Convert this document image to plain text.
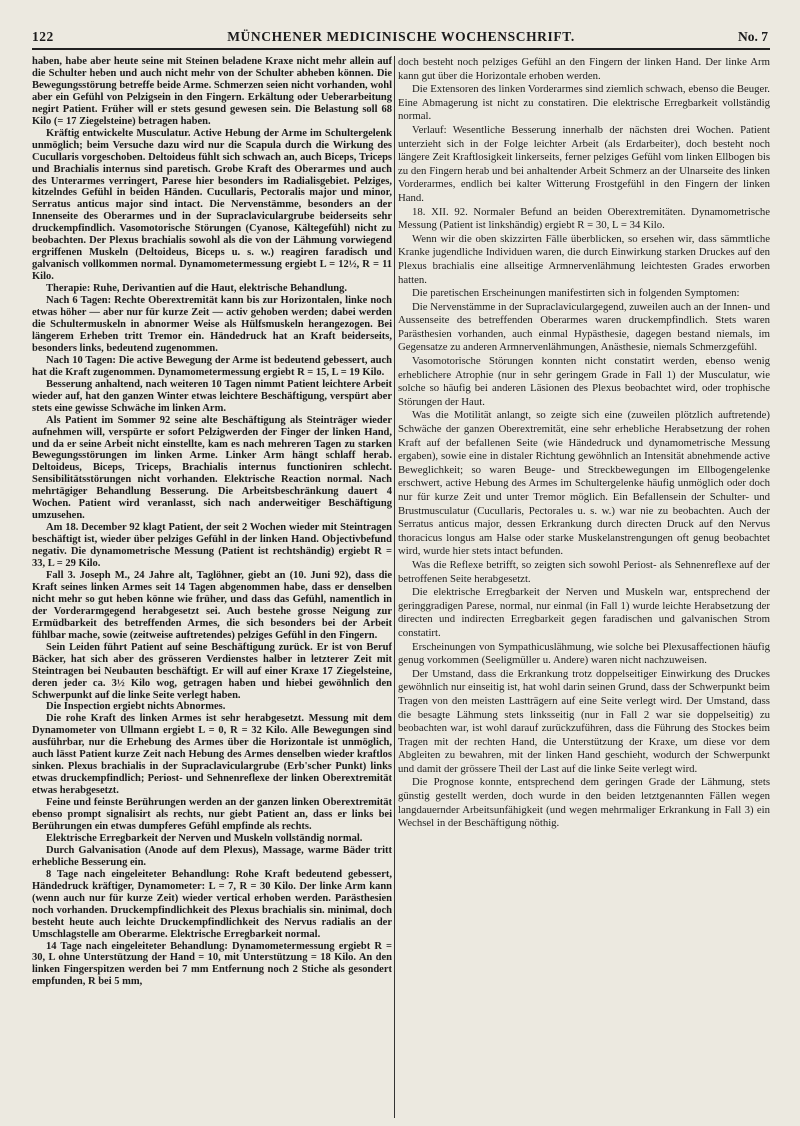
122	MÜNCHENER MEDICINISCHE WOCHENSCHRIFT.	No. 7

haben, habe aber heute seine mit Steinen beladene Kraxe nicht mehr allein auf die Schulter heben und auch nicht mehr von der Schulter abheben können. Die Bewegungsstörung betreffe beide Arme. Schmerzen seien nicht vorhanden, wohl aber ein Gefühl von Pelzigsein in den Fingern. Erkältung oder Ueberarbeitung negirt Patient. Früher will er stets gesund gewesen sein. Die Belastung soll 68 Kilo (= 17 Ziegelsteine) betragen haben.

Kräftig entwickelte Musculatur. Active Hebung der Arme im Schultergelenk unmöglich; beim Versuche dazu wird nur die Scapula durch die Wirkung des Cucullaris vorgeschoben. Deltoideus fühlt sich schwach an, auch Biceps, Triceps und Brachialis internus sind paretisch. Grobe Kraft des Oberarmes und auch des Unterarmes verringert, Parese hier besonders im Radialisgebiet. Pelziges, kitzelndes Gefühl in beiden Händen. Cucullaris, Pectoralis major und minor, Serratus anticus major sind intact. Die Nervenstämme, besonders an der Innenseite des Oberarmes und in der Supraclaviculargrube beiderseits sehr druckempfindlich. Vasomotorische Störungen (Cyanose, Kältegefühl) nicht zu beobachten. Der Plexus brachialis sowohl als die von der Lähmung vorwiegend ergriffenen Muskeln (Deltoideus, Biceps u. s. w.) reagiren faradisch und galvanisch vollkommen normal. Dynamometermessung ergiebt L = 12½, R = 11 Kilo.

Therapie: Ruhe, Derivantien auf die Haut, elektrische Behandlung.

Nach 6 Tagen: Rechte Oberextremität kann bis zur Horizontalen, linke noch etwas höher — aber nur für kurze Zeit — activ gehoben werden; dabei werden die Schultermuskeln in abnormer Weise als Hülfsmuskeln herangezogen. Bei längerem Erheben tritt Tremor ein. Händedruck hat an Kraft beiderseits, besonders links, bedeutend zugenommen.

Nach 10 Tagen: Die active Bewegung der Arme ist bedeutend gebessert, auch hat die Kraft zugenommen. Dynamometermessung ergiebt R = 15, L = 19 Kilo.

Besserung anhaltend, nach weiteren 10 Tagen nimmt Patient leichtere Arbeit wieder auf, hat den ganzen Winter etwas leichtere Beschäftigung, verspürt aber stets eine gewisse Schwäche im linken Arm.

Als Patient im Sommer 92 seine alte Beschäftigung als Steinträger wieder aufnehmen will, verspürte er sofort Pelzigwerden der Finger der linken Hand, und da er seine Arbeit nicht einstellte, kam es nach mehreren Tagen zu starken Bewegungsstörungen im linken Arme. Linker Arm hängt schlaff herab. Deltoideus, Biceps, Triceps, Brachialis internus functioniren schlecht. Sensibilitätsstörungen nicht vorhanden. Elektrische Reaction normal. Nach mehrtägiger Behandlung Besserung. Die Arbeitsbeschränkung dauert 4 Wochen. Patient wird veranlasst, sich nach anderweitiger Beschäftigung umzusehen.

Am 18. December 92 klagt Patient, der seit 2 Wochen wieder mit Steintragen beschäftigt ist, wieder über pelziges Gefühl in der linken Hand. Objectivbefund negativ. Die dynamometrische Messung (Patient ist rechtshändig) ergiebt R = 33, L = 29 Kilo.

Fall 3. Joseph M., 24 Jahre alt, Taglöhner, giebt an (10. Juni 92), dass die Kraft seines linken Armes seit 14 Tagen abgenommen habe, dass er denselben nicht mehr so gut heben könne wie früher, und dass das Gefühl, namentlich in der Vorderarmgegend herabgesetzt sei. Auch bestehe grosse Neigung zur Ermüdbarkeit des betreffenden Armes, die sich besonders bei der Arbeit fühlbar mache, sowie (zeitweise auftretendes) pelziges Gefühl in den Fingern.

Sein Leiden führt Patient auf seine Beschäftigung zurück. Er ist von Beruf Bäcker, hat sich aber des grösseren Verdienstes halber in letzterer Zeit mit Steintragen bei Neubauten beschäftigt. Er will auf einer Kraxe 17 Ziegelsteine, deren jeder ca. 3½ Kilo wog, getragen haben und hiebei gewöhnlich den Schwerpunkt auf die linke Seite verlegt haben.

Die Inspection ergiebt nichts Abnormes.

Die rohe Kraft des linken Armes ist sehr herabgesetzt. Messung mit dem Dynamometer von Ullmann ergiebt L = 0, R = 32 Kilo. Alle Bewegungen sind ausführbar, nur die Erhebung des Armes über die Horizontale ist unmöglich, auch lässt Patient kurze Zeit nach Hebung des Armes denselben wieder kraftlos sinken. Plexus brachialis in der Supraclaviculargrube (Erb'scher Punkt) links etwas druckempfindlich; Periost- und Sehnenreflexe der linken Oberextremität etwas herabgesetzt.

Feine und feinste Berührungen werden an der ganzen linken Oberextremität ebenso prompt signalisirt als rechts, nur giebt Patient an, dass er links bei Berührungen ein etwas dumpferes Gefühl empfinde als rechts.

Elektrische Erregbarkeit der Nerven und Muskeln vollständig normal.

Durch Galvanisation (Anode auf dem Plexus), Massage, warme Bäder tritt erhebliche Besserung ein.

8 Tage nach eingeleiteter Behandlung: Rohe Kraft bedeutend gebessert, Händedruck kräftiger, Dynamometer: L = 7, R = 30 Kilo. Der linke Arm kann (wenn auch nur für kurze Zeit) wieder vertical erhoben werden. Parästhesien noch vorhanden. Druckempfindlichkeit des Plexus brachialis sin. minimal, doch besteht heute auch leichte Druckempfindlichkeit des Nervus radialis an der Umschlagstelle am Oberarme. Elektrische Erregbarkeit normal.

14 Tage nach eingeleiteter Behandlung: Dynamometermessung ergiebt R = 30, L ohne Unterstützung der Hand = 10, mit Unterstützung = 18 Kilo. An den linken Fingerspitzen werden bei 7 mm Entfernung noch 2 Stiche als gesondert empfunden, R bei 5 mm,

doch besteht noch pelziges Gefühl an den Fingern der linken Hand. Der linke Arm kann gut über die Horizontale erhoben werden.

Die Extensoren des linken Vorderarmes sind ziemlich schwach, ebenso die Beuger. Eine Abmagerung ist nicht zu constatiren. Die elektrische Erregbarkeit vollständig normal.

Verlauf: Wesentliche Besserung innerhalb der nächsten drei Wochen. Patient unterzieht sich in der Folge leichter Arbeit (als Erdarbeiter), doch besteht noch längere Zeit Kraftlosigkeit linkerseits, ferner pelziges Gefühl vom linken Ellbogen bis zu den Fingern herab und bei anhaltender Arbeit Schmerz an der Ulnarseite des linken Vorderarmes, endlich bei kalter Witterung Frostgefühl in den Fingern der linken Hand.

18. XII. 92. Normaler Befund an beiden Oberextremitäten. Dynamometrische Messung (Patient ist linkshändig) ergiebt R = 30, L = 34 Kilo.

Wenn wir die oben skizzirten Fälle überblicken, so ersehen wir, dass sämmtliche Kranke jugendliche Individuen waren, die durch Einwirkung starken Druckes auf den Plexus brachialis eine allseitige Armnervenlähmung leichtesten Grades erworben hatten.

Die paretischen Erscheinungen manifestirten sich in folgenden Symptomen:

Die Nervenstämme in der Supraclaviculargegend, zuweilen auch an der Innen- und Aussenseite des betreffenden Oberarmes waren druckempfindlich. Stets waren Parästhesien vorhanden, auch einmal Hypästhesie, dagegen bestand niemals, im Gegensatze zu anderen Armnervenlähmungen, Anästhesie, niemals Schmerzgefühl.

Vasomotorische Störungen konnten nicht constatirt werden, ebenso wenig erheblichere Atrophie (nur in sehr geringem Grade in Fall 1) der Musculatur, wie solche so häufig bei anderen Läsionen des Plexus beobachtet wird, oder trophische Störungen der Haut.

Was die Motilität anlangt, so zeigte sich eine (zuweilen plötzlich auftretende) Schwäche der ganzen Oberextremität, eine sehr erhebliche Herabsetzung der rohen Kraft auf der befallenen Seite (wie Händedruck und dynamometrische Messung ergaben), sowie eine in distaler Richtung gewöhnlich an Intensität abnehmende active Beweglichkeit; so waren Beuge- und Streckbewegungen im Ellbogengelenke erschwert, active Hebung des Armes im Schultergelenke häufig unmöglich oder doch nur für kurze Zeit und unter Tremor möglich. Ein Befallensein der Schulter- und Brustmusculatur (Cucullaris, Pectorales u. s. w.) war nie zu beobachten. Auch der Serratus anticus major, dessen Erkrankung durch directen Druck auf den Nervus thoracicus longus am Halse oder starke Muskelanstrengungen oft genug beobachtet wird, wurde hier stets intact befunden.

Was die Reflexe betrifft, so zeigten sich sowohl Periost- als Sehnenreflexe auf der betroffenen Seite herabgesetzt.

Die elektrische Erregbarkeit der Nerven und Muskeln war, entsprechend der geringgradigen Parese, normal, nur einmal (in Fall 1) wurde leichte Herabsetzung der directen und indirecten Erregbarkeit gegen faradischen und galvanischen Strom constatirt.

Erscheinungen von Sympathicuslähmung, wie solche bei Plexusaffectionen häufig genug vorkommen (Seeligmüller u. Andere) waren nicht nachzuweisen.

Der Umstand, dass die Erkrankung trotz doppelseitiger Einwirkung des Druckes gewöhnlich nur einseitig ist, hat wohl darin seinen Grund, dass der Schwerpunkt beim Tragen von den meisten Lastträgern auf eine Seite verlegt wird. Der Umstand, dass die besagte Lähmung stets linksseitig (nur in Fall 2 war sie doppelseitig) zu beobachten war, ist wohl darauf zurückzuführen, dass die Führung des Stockes beim Tragen mit der rechten Hand, die Unterstützung der Kraxe, um diese vor dem Abgleiten zu bewahren, mit der linken Hand geschieht, wodurch der Schwerpunkt und damit der grössere Theil der Last auf die linke Seite verlegt wird.

Die Prognose konnte, entsprechend dem geringen Grade der Lähmung, stets günstig gestellt werden, doch wurde in den beiden letztgenannten Fällen wegen langdauernder Arbeitsunfähigkeit (und wegen mehrmaliger Erkrankung in Fall 3) ein Wechsel in der Beschäftigung nöthig.
